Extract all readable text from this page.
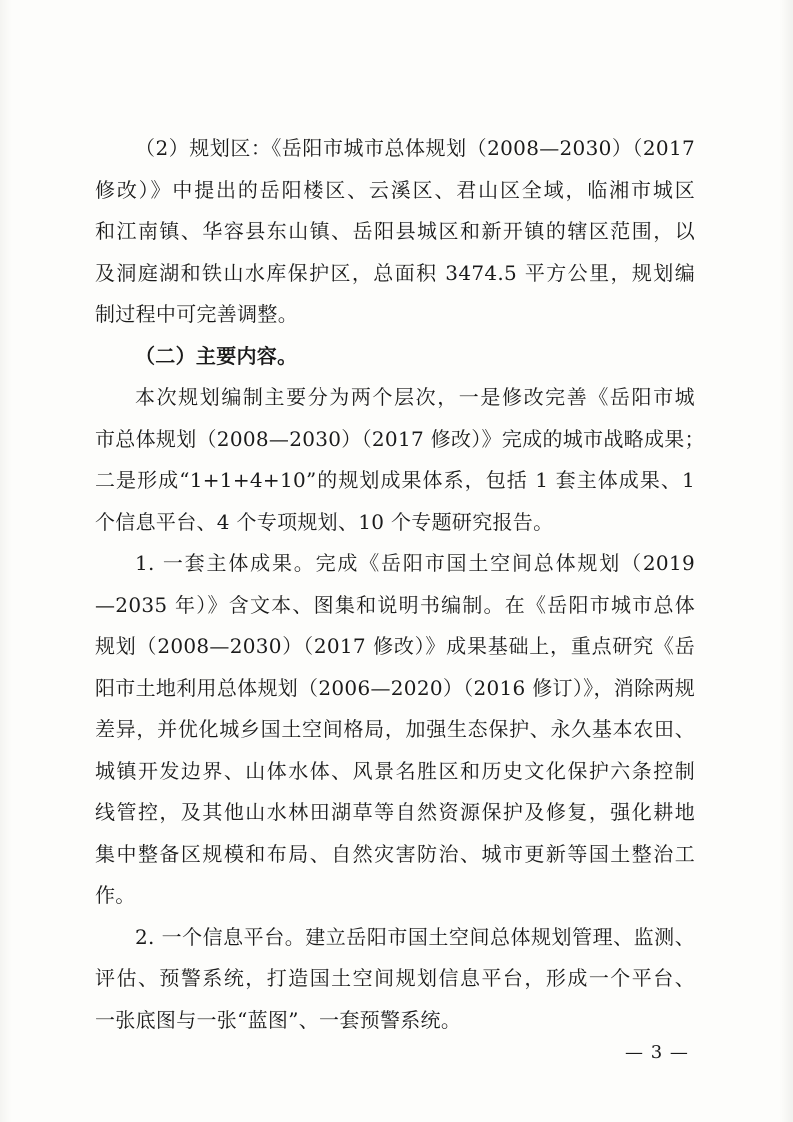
（2）规划区：《岳阳市城市总体规划（2008—2030）（2017
修改）》中提出的岳阳楼区、云溪区、君山区全域，临湘市城区
和江南镇、华容县东山镇、岳阳县城区和新开镇的辖区范围，以
及洞庭湖和铁山水库保护区，总面积 3474.5 平方公里，规划编
制过程中可完善调整。
（二）主要内容。
本次规划编制主要分为两个层次，一是修改完善《岳阳市城
市总体规划（2008—2030）（2017 修改）》完成的城市战略成果；
二是形成“1+1+4+10”的规划成果体系，包括 1 套主体成果、1
个信息平台、4 个专项规划、10 个专题研究报告。
1. 一套主体成果。完成《岳阳市国土空间总体规划（2019
—2035 年）》含文本、图集和说明书编制。在《岳阳市城市总体
规划（2008—2030）（2017 修改）》成果基础上，重点研究《岳
阳市土地利用总体规划（2006—2020）（2016 修订）》，消除两规
差异，并优化城乡国土空间格局，加强生态保护、永久基本农田、
城镇开发边界、山体水体、风景名胜区和历史文化保护六条控制
线管控，及其他山水林田湖草等自然资源保护及修复，强化耕地
集中整备区规模和布局、自然灾害防治、城市更新等国土整治工
作。
2. 一个信息平台。建立岳阳市国土空间总体规划管理、监测、
评估、预警系统，打造国土空间规划信息平台，形成一个平台、
一张底图与一张“蓝图”、一套预警系统。
— 3 —
